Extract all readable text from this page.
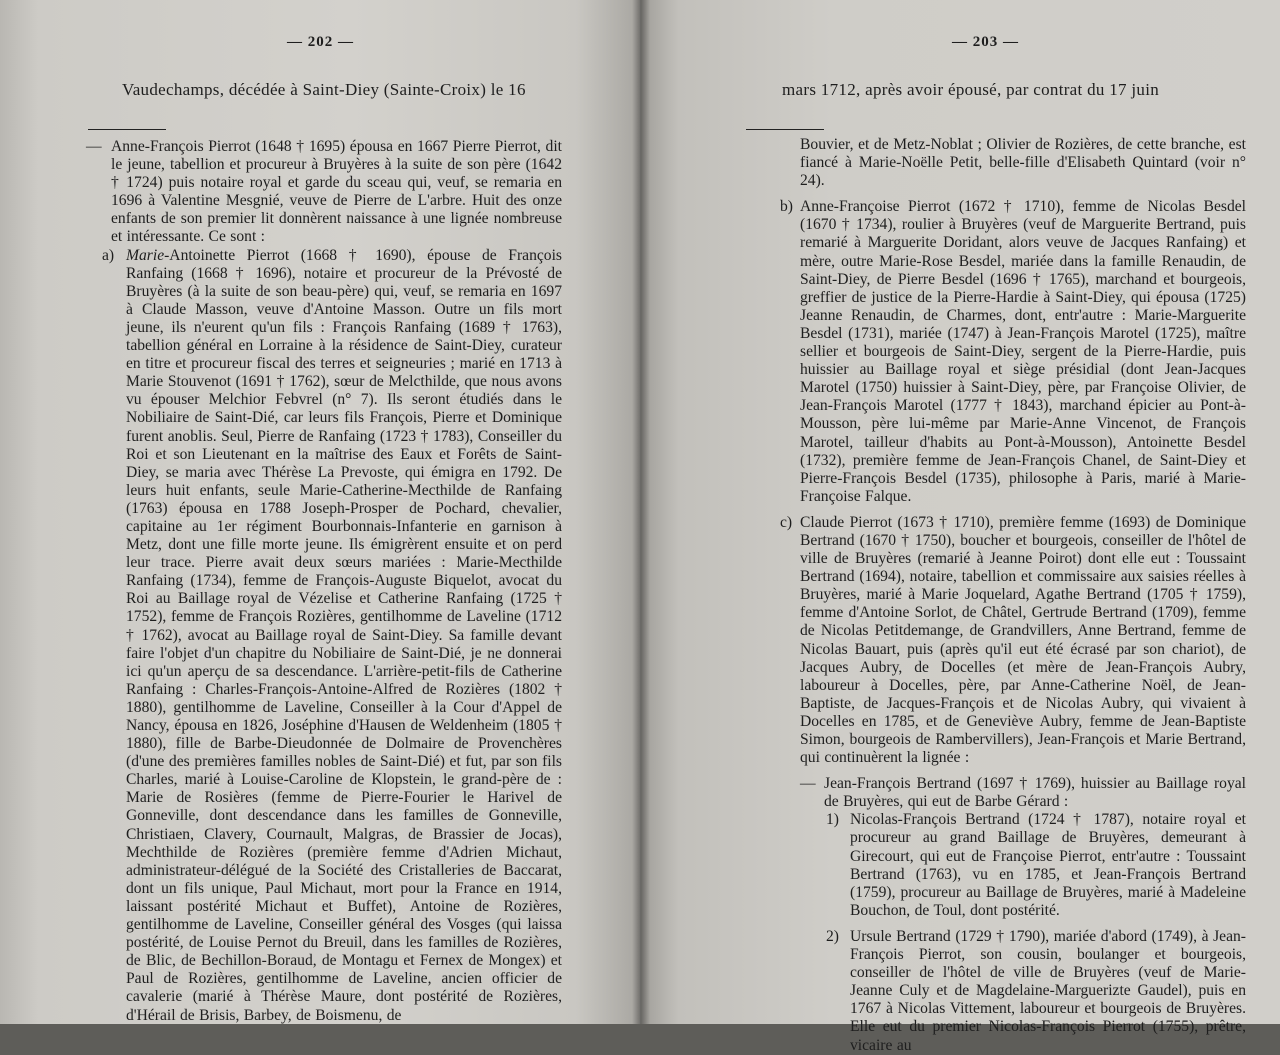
— 202 —
Vaudechamps, décédée à Saint-Diey (Sainte-Croix) le 16
— Anne-François Pierrot (1648 † 1695) épousa en 1667 Pierre Pierrot, dit le jeune, tabellion et procureur à Bruyères à la suite de son père (1642 † 1724) puis notaire royal et garde du sceau qui, veuf, se remaria en 1696 à Valentine Mesgnié, veuve de Pierre de L'arbre. Huit des onze enfants de son premier lit donnèrent naissance à une lignée nombreuse et intéressante. Ce sont :
a) Marie-Antoinette Pierrot (1668 † 1690), épouse de François Ranfaing (1668 † 1696), notaire et procureur de la Prévosté de Bruyères (à la suite de son beau-père) qui, veuf, se remaria en 1697 à Claude Masson, veuve d'Antoine Masson. Outre un fils mort jeune, ils n'eurent qu'un fils : François Ranfaing (1689 † 1763), tabellion général en Lorraine à la résidence de Saint-Diey, curateur en titre et procureur fiscal des terres et seigneuries ; marié en 1713 à Marie Stouvenot (1691 † 1762), sœur de Melcthilde, que nous avons vu épouser Melchior Febvrel (n° 7). Ils seront étudiés dans le Nobiliaire de Saint-Dié, car leurs fils François, Pierre et Dominique furent anoblis. Seul, Pierre de Ranfaing (1723 † 1783), Conseiller du Roi et son Lieutenant en la maîtrise des Eaux et Forêts de Saint-Diey, se maria avec Thérèse La Prevoste, qui émigra en 1792. De leurs huit enfants, seule Marie-Catherine-Mecthilde de Ranfaing (1763) épousa en 1788 Joseph-Prosper de Pochard, chevalier, capitaine au 1er régiment Bourbonnais-Infanterie en garnison à Metz, dont une fille morte jeune. Ils émigrèrent ensuite et on perd leur trace. Pierre avait deux sœurs mariées : Marie-Mecthilde Ranfaing (1734), femme de François-Auguste Biquelot, avocat du Roi au Baillage royal de Vézelise et Catherine Ranfaing (1725 † 1752), femme de François Rozières, gentilhomme de Laveline (1712 † 1762), avocat au Baillage royal de Saint-Diey. Sa famille devant faire l'objet d'un chapitre du Nobiliaire de Saint-Dié, je ne donnerai ici qu'un aperçu de sa descendance. L'arrière-petit-fils de Catherine Ranfaing : Charles-François-Antoine-Alfred de Rozières (1802 † 1880), gentilhomme de Laveline, Conseiller à la Cour d'Appel de Nancy, épousa en 1826, Joséphine d'Hausen de Weldenheim (1805 † 1880), fille de Barbe-Dieudonnée de Dolmaire de Provenchères (d'une des premières familles nobles de Saint-Dié) et fut, par son fils Charles, marié à Louise-Caroline de Klopstein, le grand-père de : Marie de Rosières (femme de Pierre-Fourier le Harivel de Gonneville, dont descendance dans les familles de Gonneville, Christiaen, Clavery, Cournault, Malgras, de Brassier de Jocas), Mechthilde de Rozières (première femme d'Adrien Michaut, administrateur-délégué de la Société des Cristalleries de Baccarat, dont un fils unique, Paul Michaut, mort pour la France en 1914, laissant postérité Michaut et Buffet), Antoine de Rozières, gentilhomme de Laveline, Conseiller général des Vosges (qui laissa postérité, de Louise Pernot du Breuil, dans les familles de Rozières, de Blic, de Bechillon-Boraud, de Montagu et Fernex de Mongex) et Paul de Rozières, gentilhomme de Laveline, ancien officier de cavalerie (marié à Thérèse Maure, dont postérité de Rozières, d'Hérail de Brisis, Barbey, de Boismenu, de
— 203 —
mars 1712, après avoir épousé, par contrat du 17 juin
Bouvier, et de Metz-Noblat ; Olivier de Rozières, de cette branche, est fiancé à Marie-Noëlle Petit, belle-fille d'Elisabeth Quintard (voir n° 24).
b) Anne-Françoise Pierrot (1672 † 1710), femme de Nicolas Besdel (1670 † 1734), roulier à Bruyères (veuf de Marguerite Bertrand, puis remarié à Marguerite Doridant, alors veuve de Jacques Ranfaing) et mère, outre Marie-Rose Besdel, mariée dans la famille Renaudin, de Saint-Diey, de Pierre Besdel (1696 † 1765), marchand et bourgeois, greffier de justice de la Pierre-Hardie à Saint-Diey, qui épousa (1725) Jeanne Renaudin, de Charmes, dont, entr'autre : Marie-Marguerite Besdel (1731), mariée (1747) à Jean-François Marotel (1725), maître sellier et bourgeois de Saint-Diey, sergent de la Pierre-Hardie, puis huissier au Baillage royal et siège présidial (dont Jean-Jacques Marotel (1750) huissier à Saint-Diey, père, par Françoise Olivier, de Jean-François Marotel (1777 † 1843), marchand épicier au Pont-à-Mousson, père lui-même par Marie-Anne Vincenot, de François Marotel, tailleur d'habits au Pont-à-Mousson), Antoinette Besdel (1732), première femme de Jean-François Chanel, de Saint-Diey et Pierre-François Besdel (1735), philosophe à Paris, marié à Marie-Françoise Falque.
c) Claude Pierrot (1673 † 1710), première femme (1693) de Dominique Bertrand (1670 † 1750), boucher et bourgeois, conseiller de l'hôtel de ville de Bruyères (remarié à Jeanne Poirot) dont elle eut : Toussaint Bertrand (1694), notaire, tabellion et commissaire aux saisies réelles à Bruyères, marié à Marie Joquelard, Agathe Bertrand (1705 † 1759), femme d'Antoine Sorlot, de Châtel, Gertrude Bertrand (1709), femme de Nicolas Petitdemange, de Grandvillers, Anne Bertrand, femme de Nicolas Bauart, puis (après qu'il eut été écrasé par son chariot), de Jacques Aubry, de Docelles (et mère de Jean-François Aubry, laboureur à Docelles, père, par Anne-Catherine Noël, de Jean-Baptiste, de Jacques-François et de Nicolas Aubry, qui vivaient à Docelles en 1785, et de Geneviève Aubry, femme de Jean-Baptiste Simon, bourgeois de Rambervillers), Jean-François et Marie Bertrand, qui continuèrent la lignée :
— Jean-François Bertrand (1697 † 1769), huissier au Baillage royal de Bruyères, qui eut de Barbe Gérard :
1) Nicolas-François Bertrand (1724 † 1787), notaire royal et procureur au grand Baillage de Bruyères, demeurant à Girecourt, qui eut de Françoise Pierrot, entr'autre : Toussaint Bertrand (1763), vu en 1785, et Jean-François Bertrand (1759), procureur au Baillage de Bruyères, marié à Madeleine Bouchon, de Toul, dont postérité.
2) Ursule Bertrand (1729 † 1790), mariée d'abord (1749), à Jean-François Pierrot, son cousin, boulanger et bourgeois, conseiller de l'hôtel de ville de Bruyères (veuf de Marie-Jeanne Culy et de Magdelaine-Marguerizte Gaudel), puis en 1767 à Nicolas Vittement, laboureur et bourgeois de Bruyères. Elle eut du premier Nicolas-François Pierrot (1755), prêtre, vicaire au
